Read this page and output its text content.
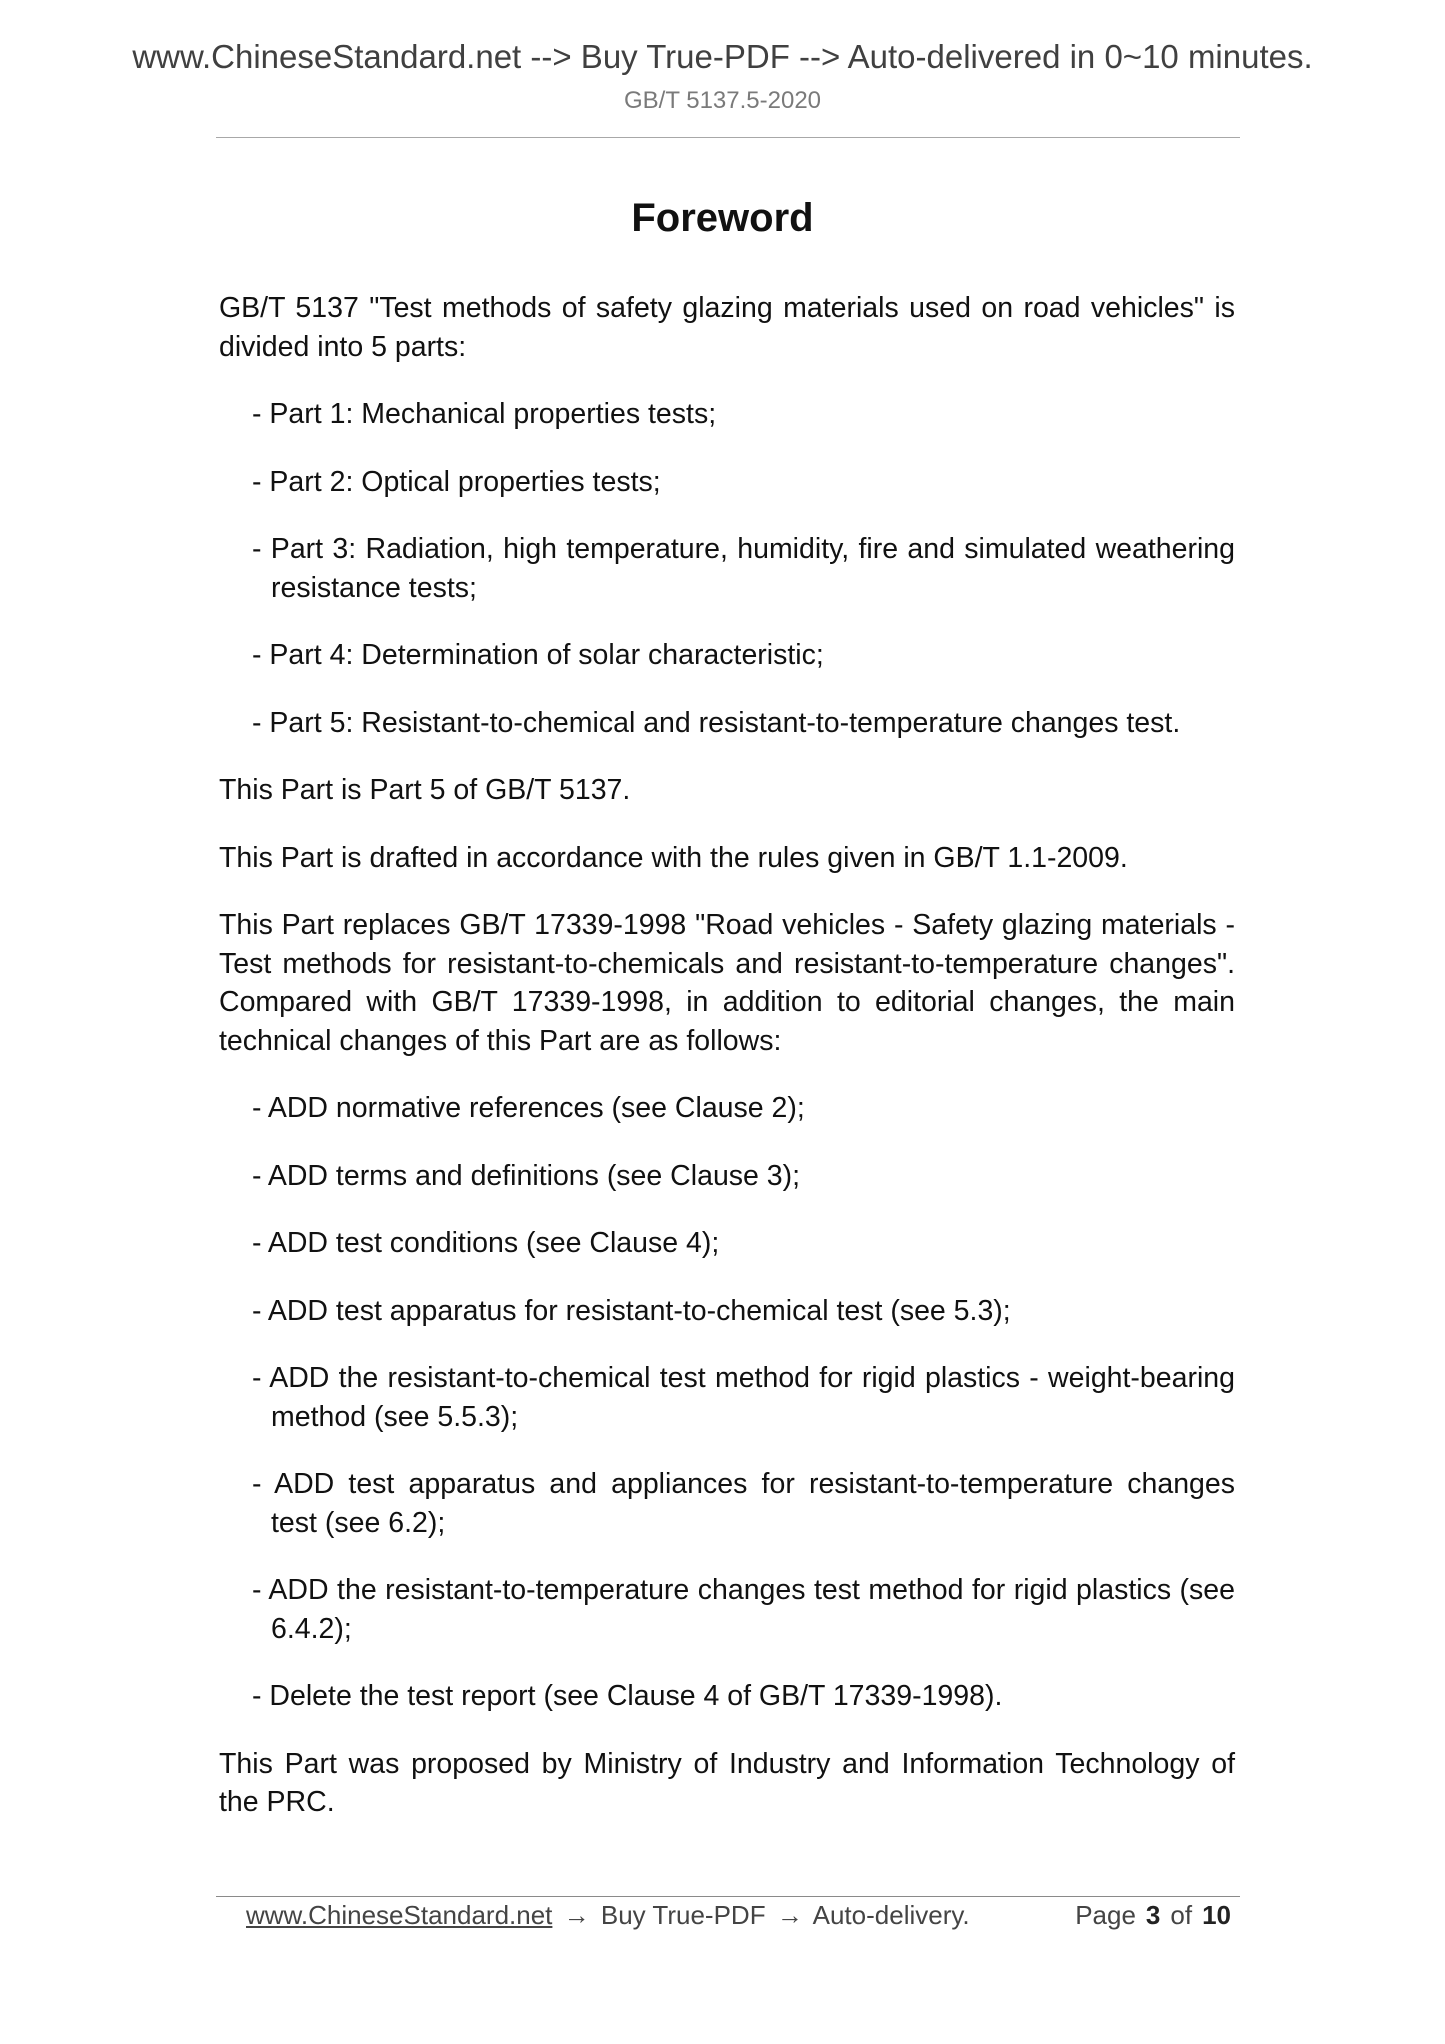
www.ChineseStandard.net --> Buy True-PDF --> Auto-delivered in 0~10 minutes.
GB/T 5137.5-2020
Foreword

GB/T 5137 "Test methods of safety glazing materials used on road vehicles" is divided into 5 parts:

- Part 1: Mechanical properties tests;

- Part 2: Optical properties tests;

- Part 3: Radiation, high temperature, humidity, fire and simulated weathering resistance tests;

- Part 4: Determination of solar characteristic;

- Part 5: Resistant-to-chemical and resistant-to-temperature changes test.

This Part is Part 5 of GB/T 5137.

This Part is drafted in accordance with the rules given in GB/T 1.1-2009.

This Part replaces GB/T 17339-1998 "Road vehicles - Safety glazing materials - Test methods for resistant-to-chemicals and resistant-to-temperature changes". Compared with GB/T 17339-1998, in addition to editorial changes, the main technical changes of this Part are as follows:

- ADD normative references (see Clause 2);

- ADD terms and definitions (see Clause 3);

- ADD test conditions (see Clause 4);

- ADD test apparatus for resistant-to-chemical test (see 5.3);

- ADD the resistant-to-chemical test method for rigid plastics - weight-bearing method (see 5.5.3);

- ADD test apparatus and appliances for resistant-to-temperature changes test (see 6.2);

- ADD the resistant-to-temperature changes test method for rigid plastics (see 6.4.2);

- Delete the test report (see Clause 4 of GB/T 17339-1998).

This Part was proposed by Ministry of Industry and Information Technology of the PRC.

www.ChineseStandard.net → Buy True-PDF → Auto-delivery.	Page 3 of 10
